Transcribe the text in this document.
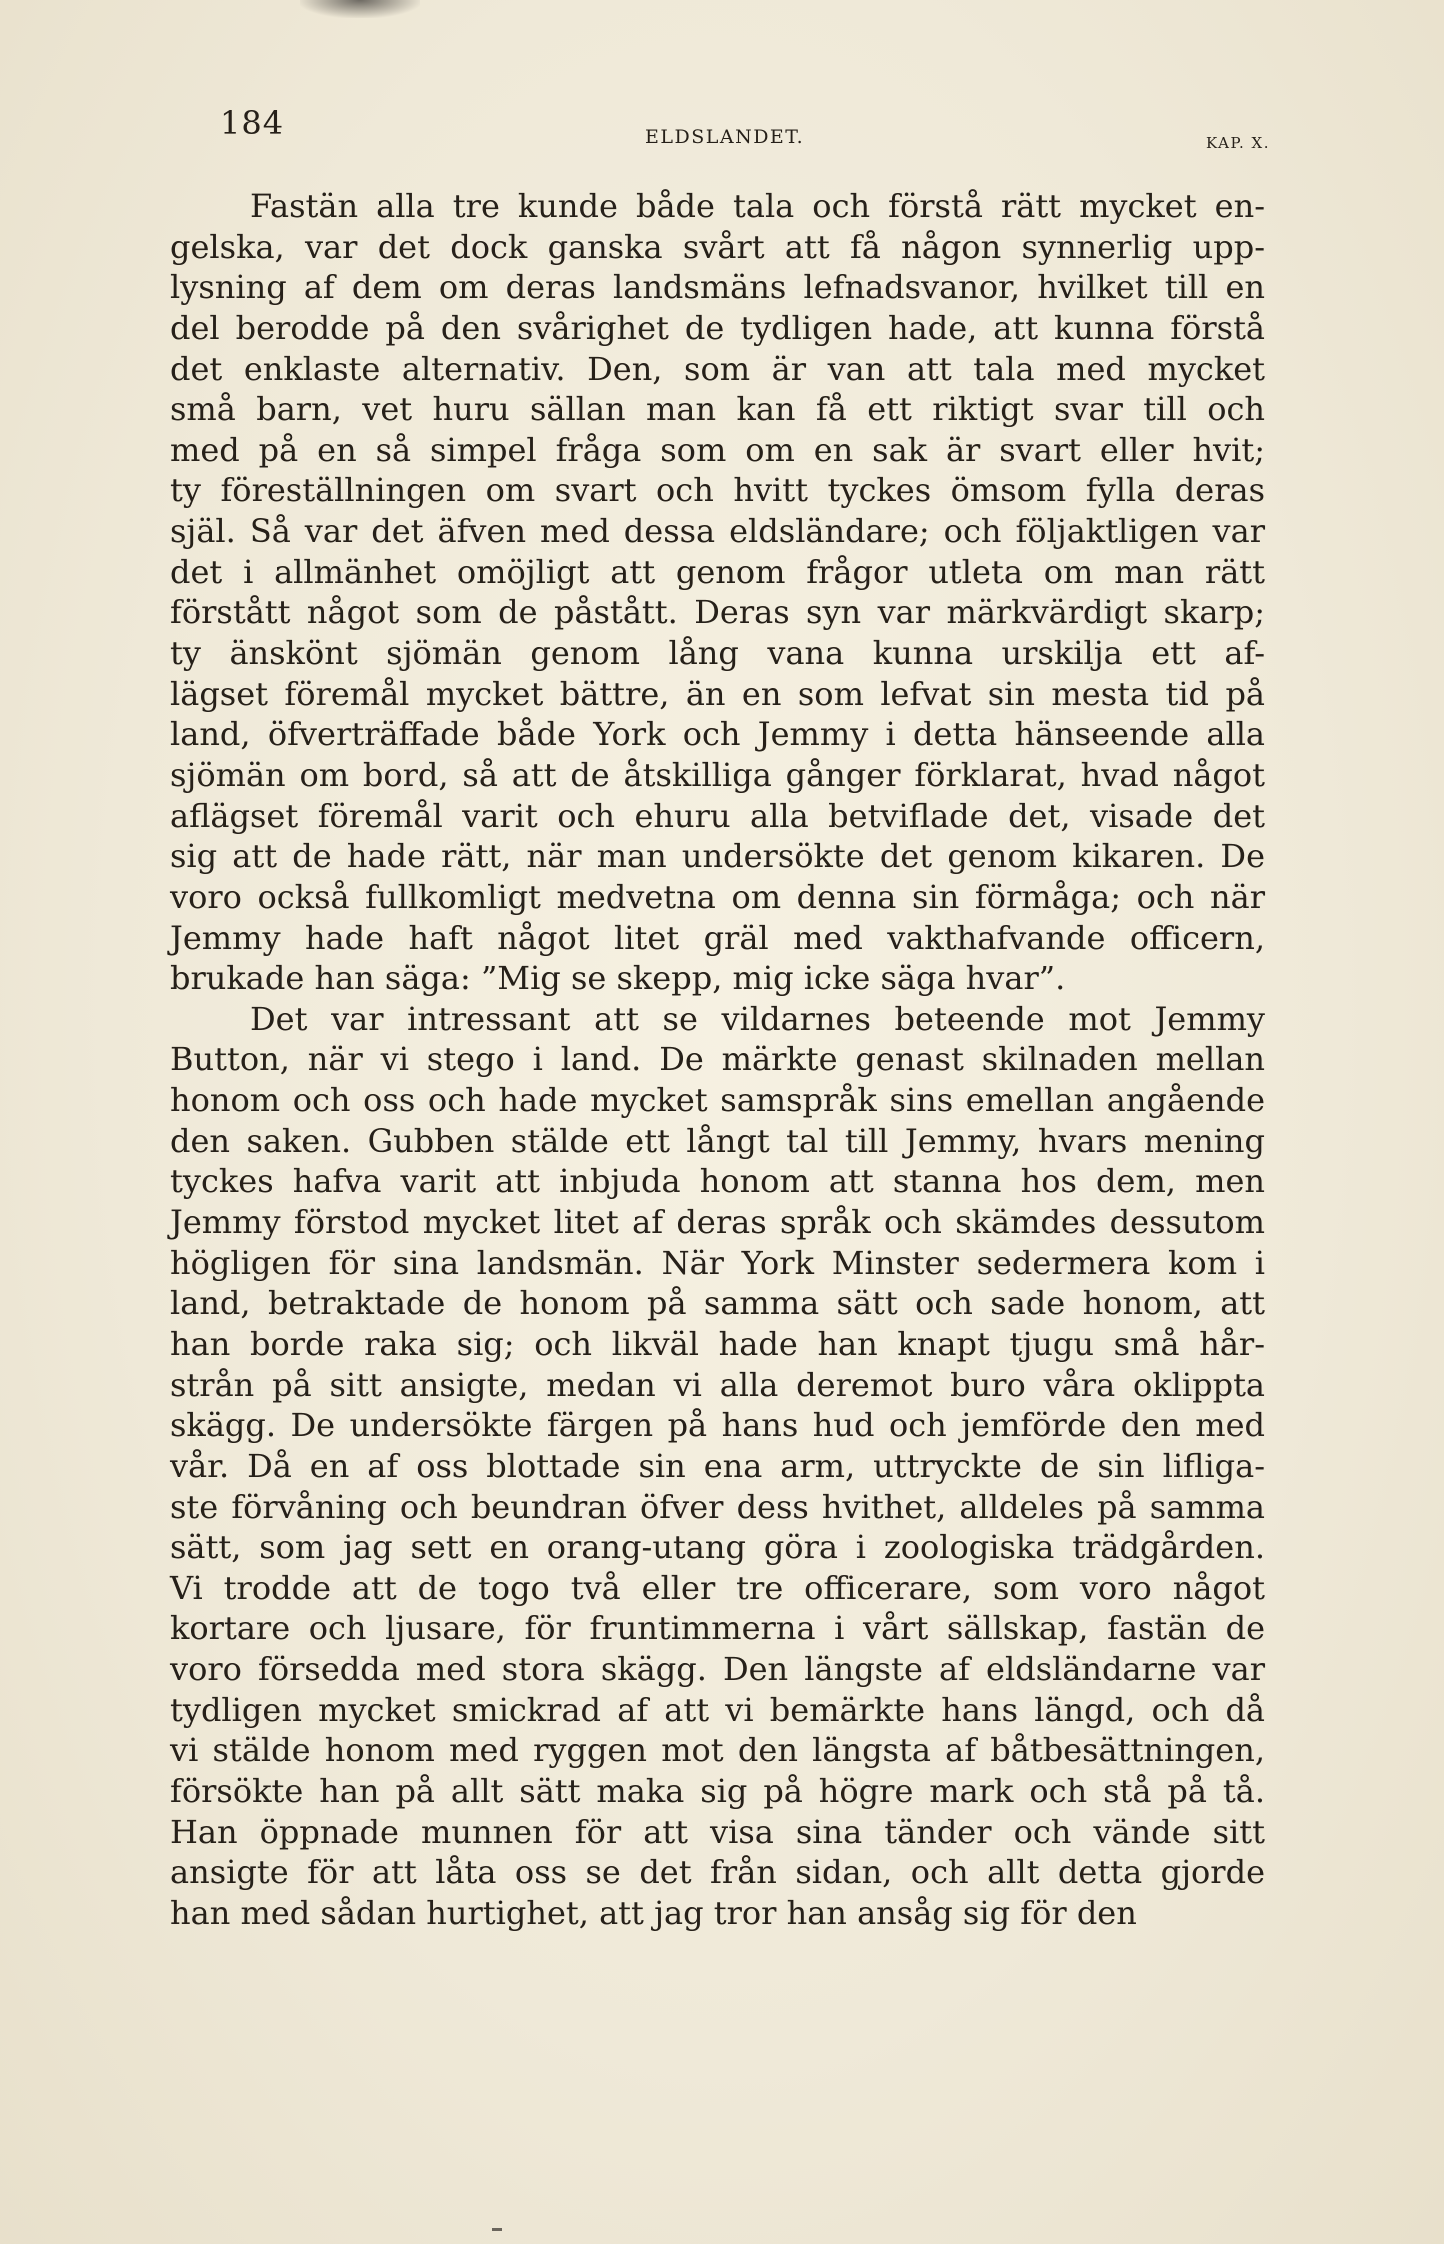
184	ELDSLANDET.	KAP. X.
Fastän alla tre kunde både tala och förstå rätt mycket en-
gelska, var det dock ganska svårt att få någon synnerlig upp-
lysning af dem om deras landsmäns lefnadsvanor, hvilket till en
del berodde på den svårighet de tydligen hade, att kunna förstå
det enklaste alternativ. Den, som är van att tala med mycket
små barn, vet huru sällan man kan få ett riktigt svar till och
med på en så simpel fråga som om en sak är svart eller hvit;
ty föreställningen om svart och hvitt tyckes ömsom fylla deras
själ. Så var det äfven med dessa eldsländare; och följaktligen var
det i allmänhet omöjligt att genom frågor utleta om man rätt
förstått något som de påstått. Deras syn var märkvärdigt skarp;
ty änskönt sjömän genom lång vana kunna urskilja ett af-
lägset föremål mycket bättre, än en som lefvat sin mesta tid på
land, öfverträffade både York och Jemmy i detta hänseende alla
sjömän om bord, så att de åtskilliga gånger förklarat, hvad något
aflägset föremål varit och ehuru alla betviflade det, visade det
sig att de hade rätt, när man undersökte det genom kikaren. De
voro också fullkomligt medvetna om denna sin förmåga; och när
Jemmy hade haft något litet gräl med vakthafvande officern,
brukade han säga: ”Mig se skepp, mig icke säga hvar”.
Det var intressant att se vildarnes beteende mot Jemmy
Button, när vi stego i land. De märkte genast skilnaden mellan
honom och oss och hade mycket samspråk sins emellan angående
den saken. Gubben stälde ett långt tal till Jemmy, hvars mening
tyckes hafva varit att inbjuda honom att stanna hos dem, men
Jemmy förstod mycket litet af deras språk och skämdes dessutom
högligen för sina landsmän. När York Minster sedermera kom i
land, betraktade de honom på samma sätt och sade honom, att
han borde raka sig; och likväl hade han knapt tjugu små hår-
strån på sitt ansigte, medan vi alla deremot buro våra oklippta
skägg. De undersökte färgen på hans hud och jemförde den med
vår. Då en af oss blottade sin ena arm, uttryckte de sin lifliga-
ste förvåning och beundran öfver dess hvithet, alldeles på samma
sätt, som jag sett en orang-utang göra i zoologiska trädgården.
Vi trodde att de togo två eller tre officerare, som voro något
kortare och ljusare, för fruntimmerna i vårt sällskap, fastän de
voro försedda med stora skägg. Den längste af eldsländarne var
tydligen mycket smickrad af att vi bemärkte hans längd, och då
vi stälde honom med ryggen mot den längsta af båtbesättningen,
försökte han på allt sätt maka sig på högre mark och stå på tå.
Han öppnade munnen för att visa sina tänder och vände sitt
ansigte för att låta oss se det från sidan, och allt detta gjorde
han med sådan hurtighet, att jag tror han ansåg sig för den
